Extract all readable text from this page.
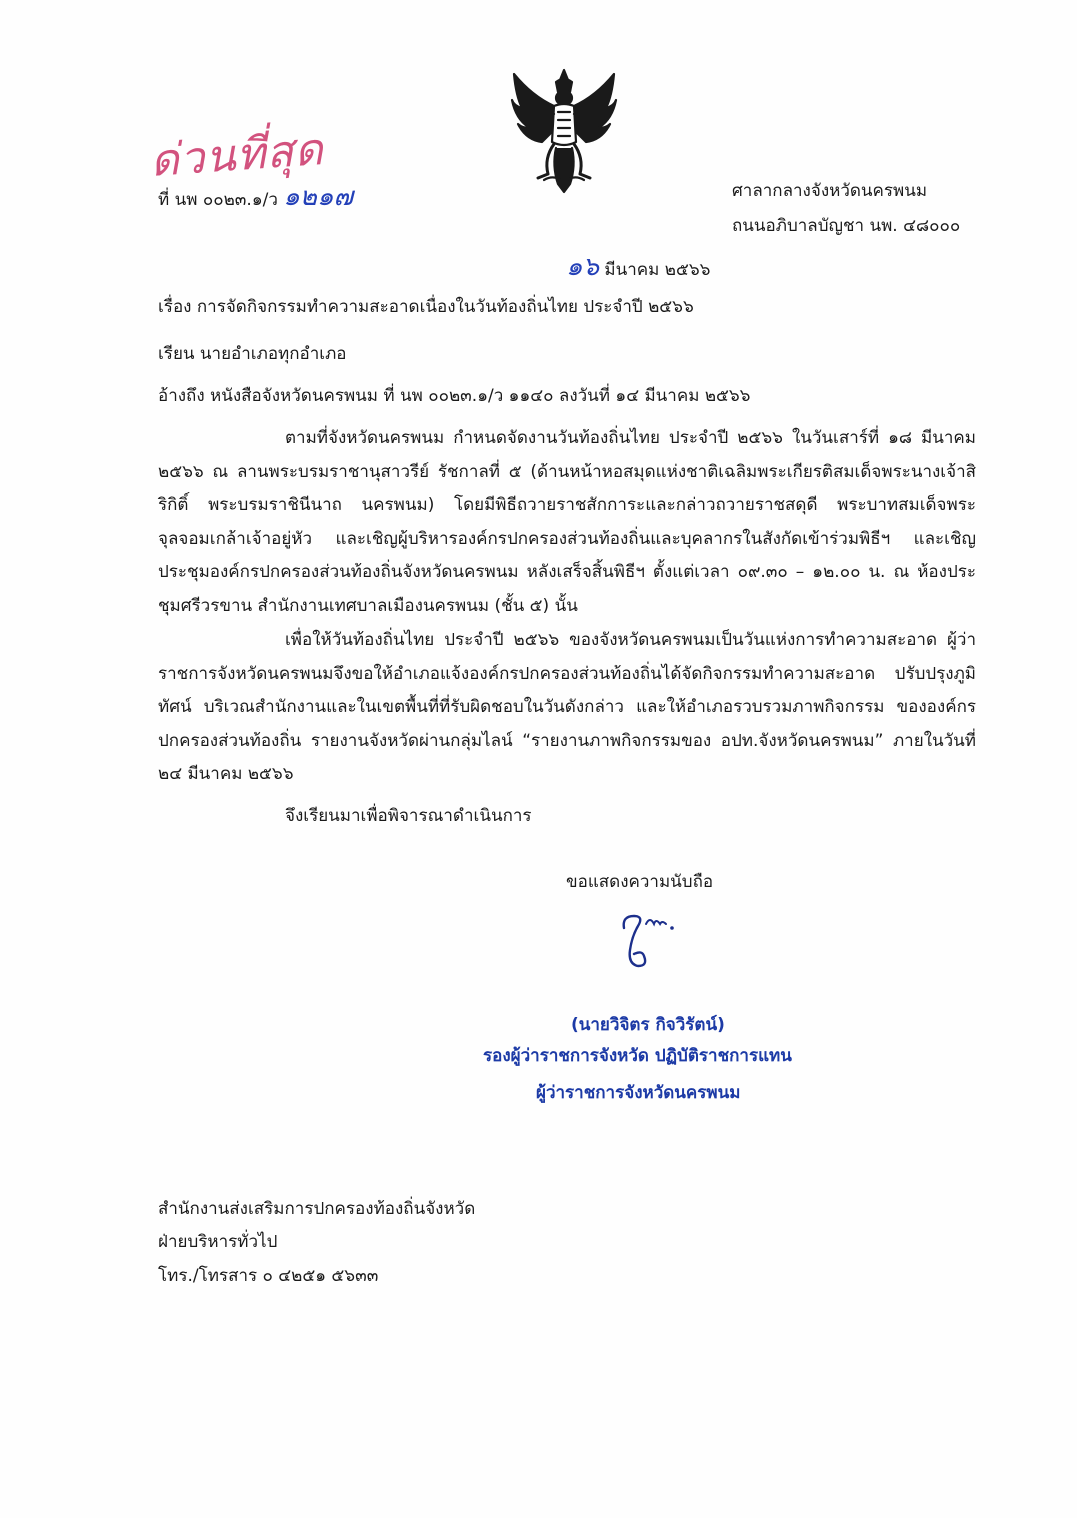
ด่วนที่สุด
ที่ นพ ๐๐๒๓.๑/ว ๑๒๑๗	ศาลากลางจังหวัดนครพนม
ถนนอภิบาลบัญชา นพ. ๔๘๐๐๐
๑๖ มีนาคม ๒๕๖๖
เรื่อง การจัดกิจกรรมทำความสะอาดเนื่องในวันท้องถิ่นไทย ประจำปี ๒๕๖๖
เรียน นายอำเภอทุกอำเภอ
อ้างถึง หนังสือจังหวัดนครพนม ที่ นพ ๐๐๒๓.๑/ว ๑๑๔๐ ลงวันที่ ๑๔ มีนาคม ๒๕๖๖
ตามที่จังหวัดนครพนม กำหนดจัดงานวันท้องถิ่นไทย ประจำปี ๒๕๖๖ ในวันเสาร์ที่ ๑๘ มีนาคม ๒๕๖๖ ณ ลานพระบรมราชานุสาวรีย์ รัชกาลที่ ๕ (ด้านหน้าหอสมุดแห่งชาติเฉลิมพระเกียรติสมเด็จพระนางเจ้าสิริกิติ์ พระบรมราชินีนาถ นครพนม) โดยมีพิธีถวายราชสักการะและกล่าวถวายราชสดุดี พระบาทสมเด็จพระจุลจอมเกล้าเจ้าอยู่หัว และเชิญผู้บริหารองค์กรปกครองส่วนท้องถิ่นและบุคลากรในสังกัดเข้าร่วมพิธีฯ และเชิญประชุมองค์กรปกครองส่วนท้องถิ่นจังหวัดนครพนม หลังเสร็จสิ้นพิธีฯ ตั้งแต่เวลา ๐๙.๓๐ – ๑๒.๐๐ น. ณ ห้องประชุมศรีวรขาน สำนักงานเทศบาลเมืองนครพนม (ชั้น ๕) นั้น
เพื่อให้วันท้องถิ่นไทย ประจำปี ๒๕๖๖ ของจังหวัดนครพนมเป็นวันแห่งการทำความสะอาด ผู้ว่าราชการจังหวัดนครพนมจึงขอให้อำเภอแจ้งองค์กรปกครองส่วนท้องถิ่นได้จัดกิจกรรมทำความสะอาด ปรับปรุงภูมิทัศน์ บริเวณสำนักงานและในเขตพื้นที่ที่รับผิดชอบในวันดังกล่าว และให้อำเภอรวบรวมภาพกิจกรรม ขององค์กรปกครองส่วนท้องถิ่น รายงานจังหวัดผ่านกลุ่มไลน์ “รายงานภาพกิจกรรมของ อปท.จังหวัดนครพนม” ภายในวันที่ ๒๔ มีนาคม ๒๕๖๖
จึงเรียนมาเพื่อพิจารณาดำเนินการ
ขอแสดงความนับถือ
(นายวิจิตร กิจวิรัตน์)
รองผู้ว่าราชการจังหวัด ปฏิบัติราชการแทน
ผู้ว่าราชการจังหวัดนครพนม
สำนักงานส่งเสริมการปกครองท้องถิ่นจังหวัด
ฝ่ายบริหารทั่วไป
โทร./โทรสาร ๐ ๔๒๕๑ ๕๖๓๓
